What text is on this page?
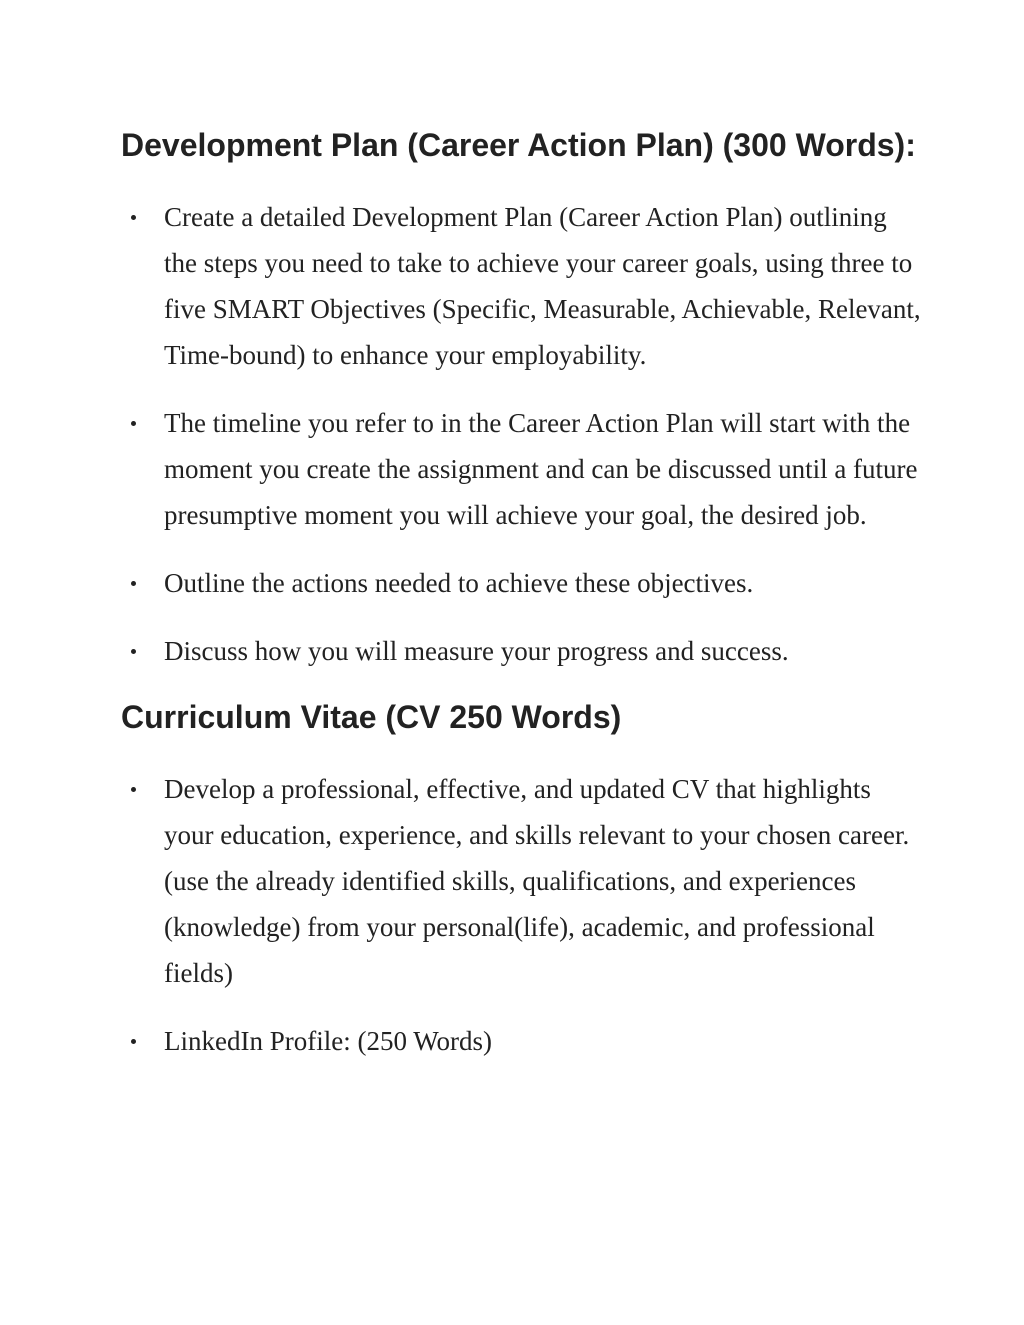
Development Plan (Career Action Plan) (300 Words):
Create a detailed Development Plan (Career Action Plan) outlining the steps you need to take to achieve your career goals, using three to five SMART Objectives (Specific, Measurable, Achievable, Relevant, Time-bound) to enhance your employability.
The timeline you refer to in the Career Action Plan will start with the moment you create the assignment and can be discussed until a future presumptive moment you will achieve your goal, the desired job.
Outline the actions needed to achieve these objectives.
Discuss how you will measure your progress and success.
Curriculum Vitae (CV 250 Words)
Develop a professional, effective, and updated CV that highlights your education, experience, and skills relevant to your chosen career. (use the already identified skills, qualifications, and experiences (knowledge) from your personal(life), academic, and professional fields)
LinkedIn Profile: (250 Words)
